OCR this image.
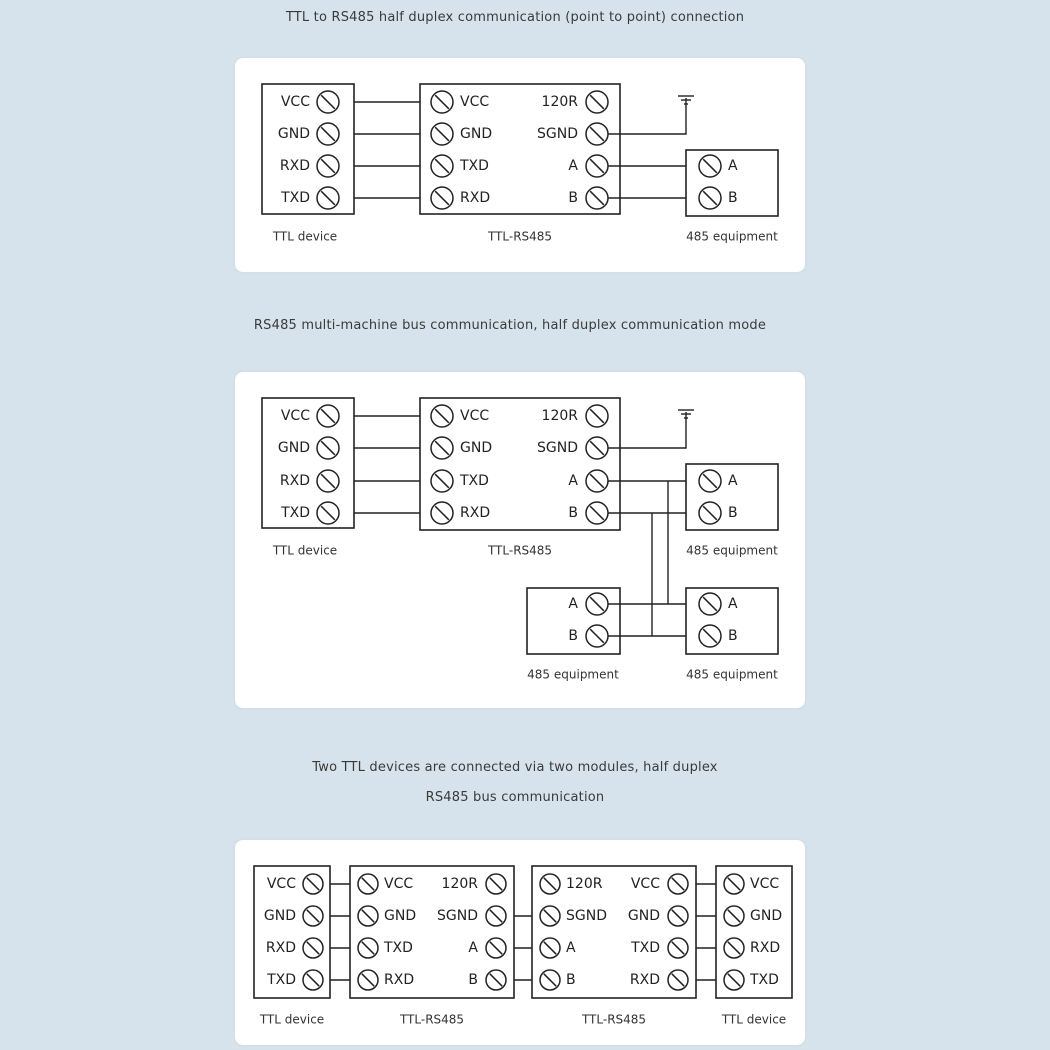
TTL to RS485 half duplex communication (point to point) connection
RS485 multi-machine bus communication, half duplex communication mode
Two TTL devices are connected via two modules, half duplex
RS485 bus communication
VCC
GND
RXD
TXD
TTL device
VCC
GND
TXD
RXD
120R
SGND
A
B
TTL-RS485
A
B
485 equipment
VCC
GND
RXD
TXD
TTL device
VCC
GND
TXD
RXD
120R
SGND
A
B
TTL-RS485
A
B
485 equipment
A
B
485 equipment
A
B
485 equipment
VCC
GND
RXD
TXD
TTL device
VCC
GND
TXD
RXD
120R
SGND
A
B
TTL-RS485
120R
SGND
A
B
VCC
GND
TXD
RXD
TTL-RS485
VCC
GND
RXD
TXD
TTL device
